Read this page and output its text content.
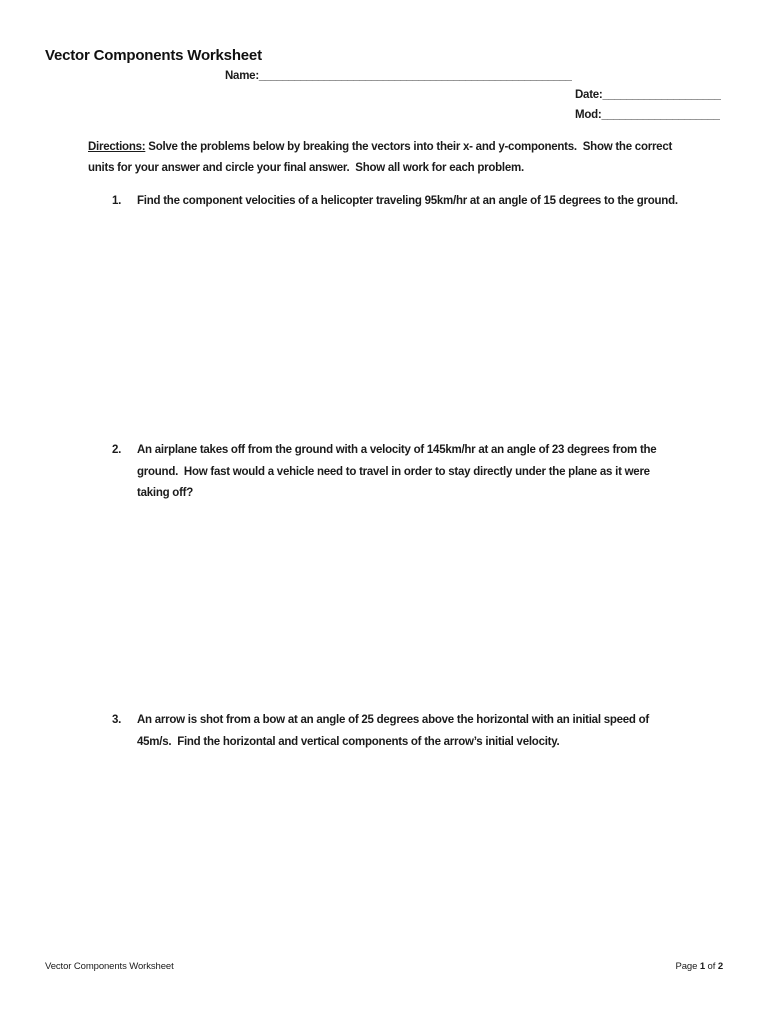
Vector Components Worksheet
Name:_____________________________________________________
Date:____________________
Mod:____________________

Directions: Solve the problems below by breaking the vectors into their x- and y-components.  Show the correct units for your answer and circle your final answer.  Show all work for each problem.

1.	Find the component velocities of a helicopter traveling 95km/hr at an angle of 15 degrees to the ground.
2.	An airplane takes off from the ground with a velocity of 145km/hr at an angle of 23 degrees from the ground.  How fast would a vehicle need to travel in order to stay directly under the plane as it were taking off?
3.	An arrow is shot from a bow at an angle of 25 degrees above the horizontal with an initial speed of 45m/s.  Find the horizontal and vertical components of the arrow’s initial velocity.
Vector Components Worksheet	Page 1 of 2
